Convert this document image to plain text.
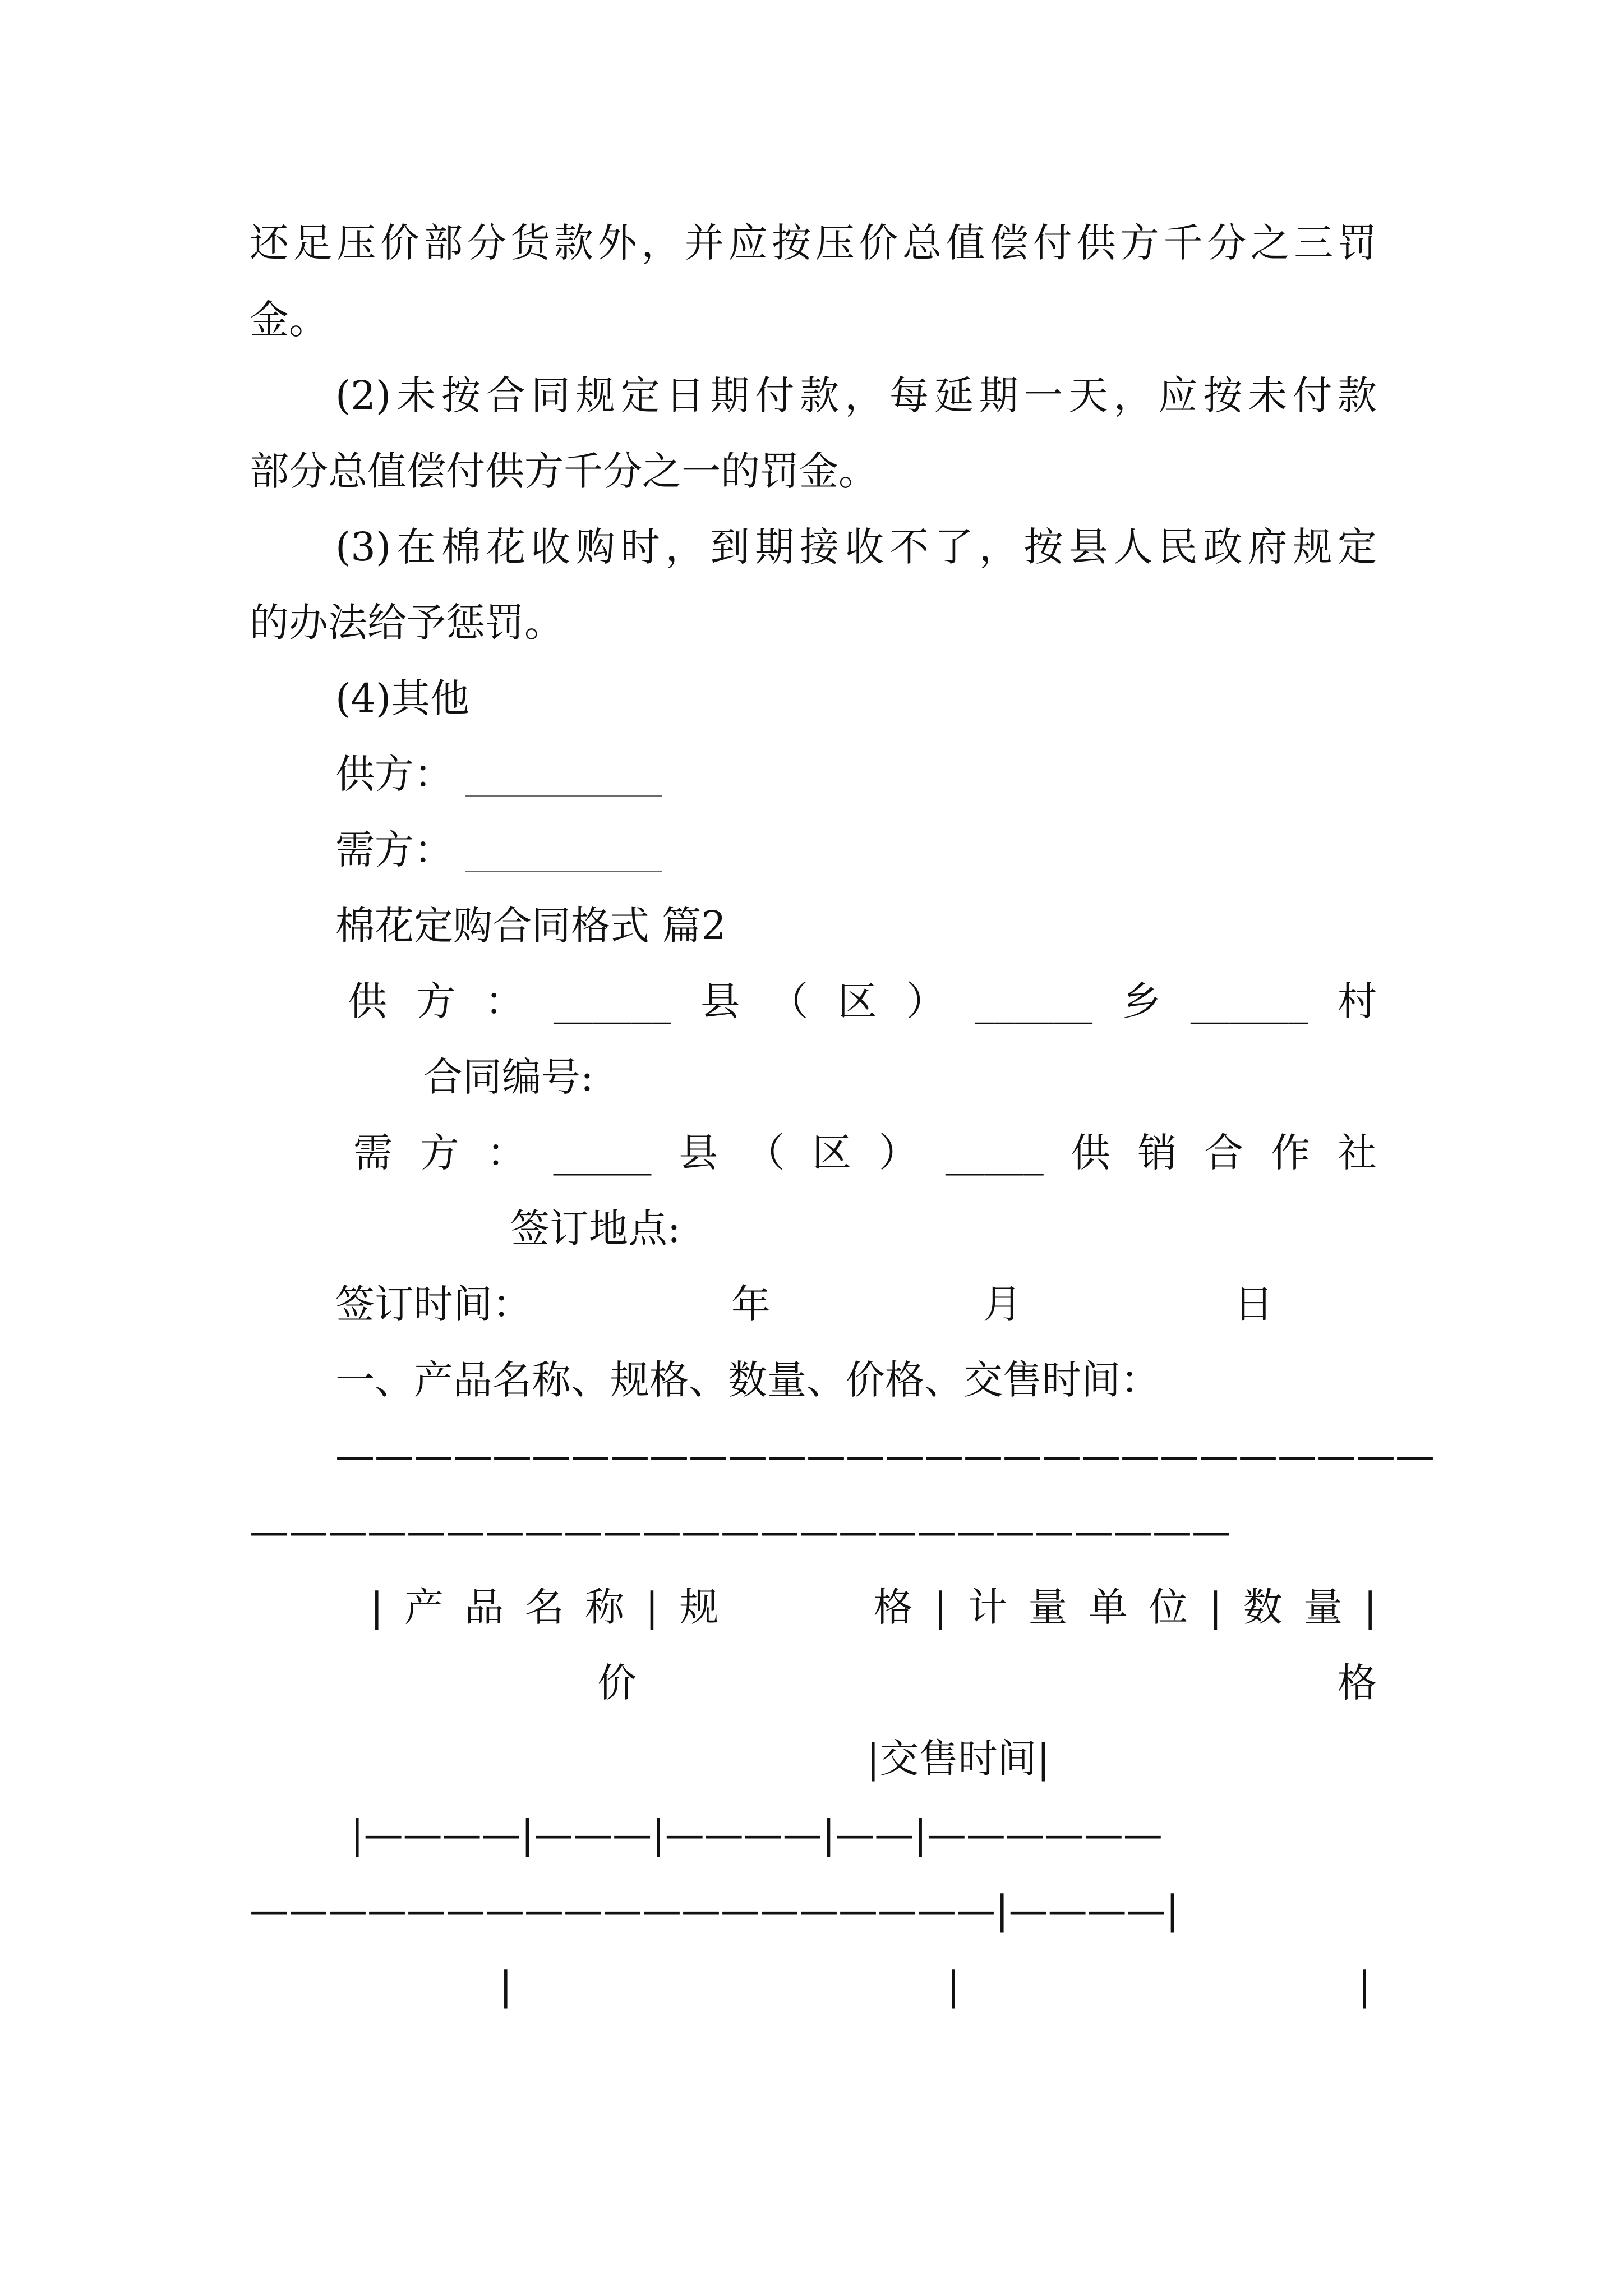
还足压价部分货款外，并应按压价总值偿付供方千分之三罚
金。
(2)未按合同规定日期付款，每延期一天，应按未付款
部分总值偿付供方千分之一的罚金。
(3)在棉花收购时，到期接收不了，按县人民政府规定
的办法给予惩罚。
(4)其他
供方：
需方：
棉花定购合同格式 篇2
供方：______县（区）______乡______村
合同编号:
需方：_____县（区）_____供销合作社
签订地点:
签订时间：                年                 月                 日
一、产品名称、规格、数量、价格、交售时间：
————————————————————————————
—————————————————————————
|产品名称|规    格|计量单位|数量|
价                                                     格
|交售时间|
|————|———|————|——|——————
———————————————————|————|
|                        |                      |
